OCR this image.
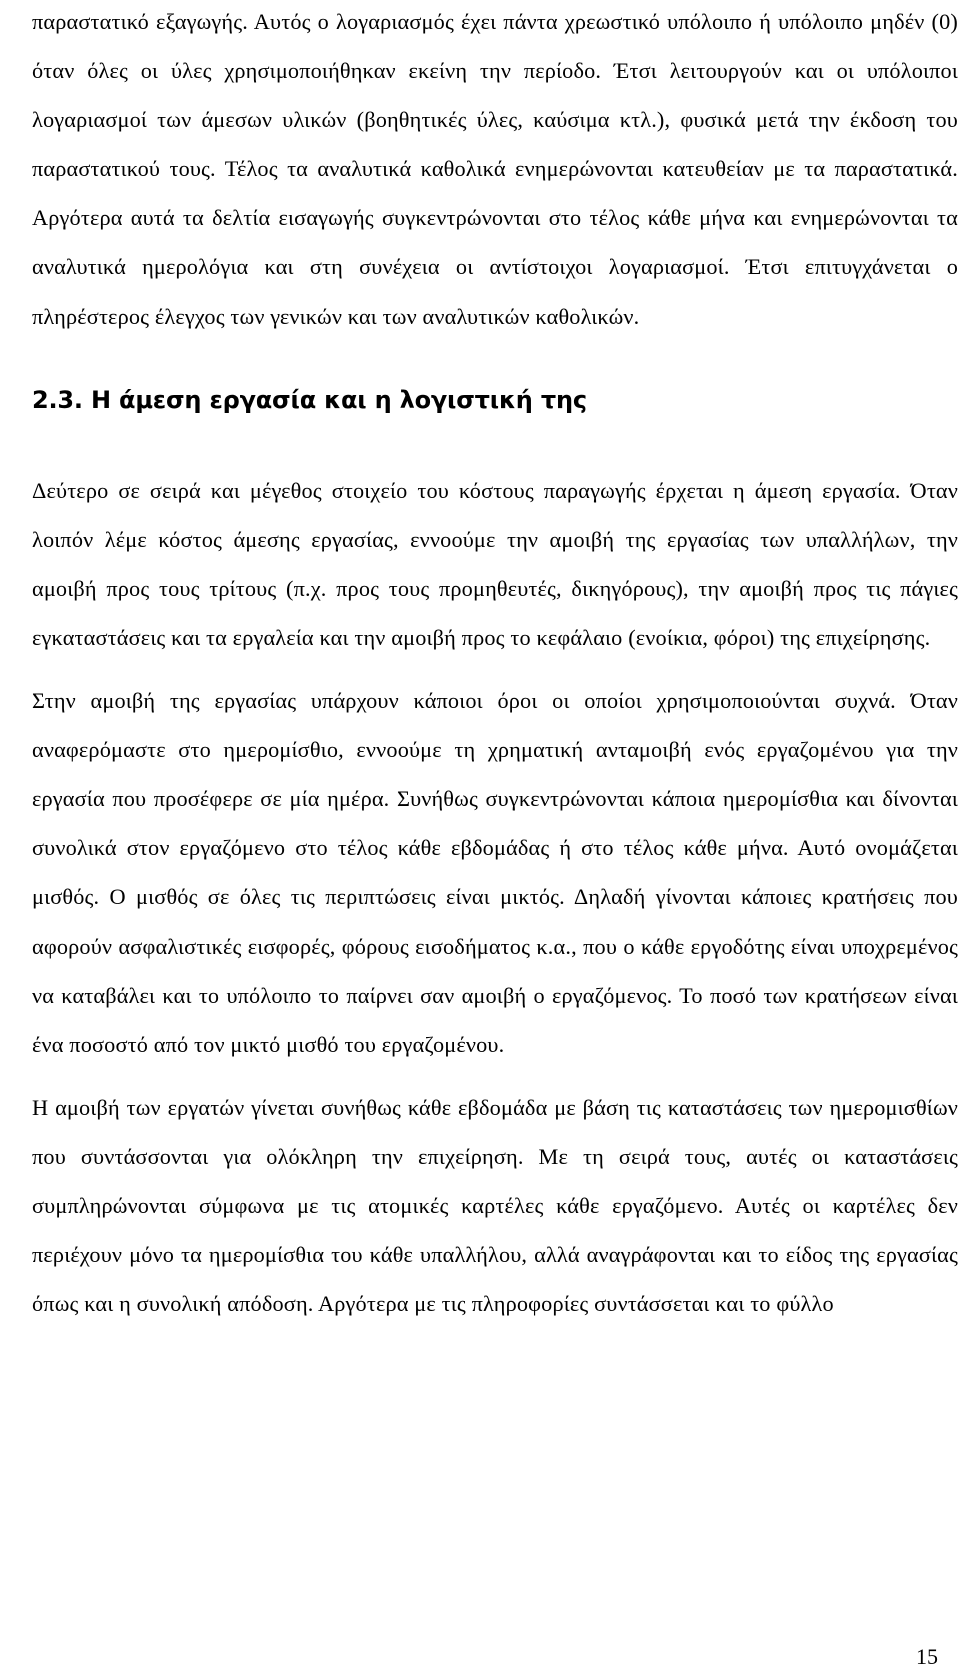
παραστατικό εξαγωγής. Αυτός ο λογαριασμός έχει πάντα χρεωστικό υπόλοιπο ή υπόλοιπο μηδέν (0) όταν όλες οι ύλες χρησιμοποιήθηκαν εκείνη την περίοδο. Έτσι λειτουργούν και οι υπόλοιποι λογαριασμοί των άμεσων υλικών (βοηθητικές ύλες, καύσιμα κτλ.), φυσικά μετά την έκδοση του παραστατικού τους. Τέλος τα αναλυτικά καθολικά ενημερώνονται κατευθείαν με τα παραστατικά. Αργότερα αυτά τα δελτία εισαγωγής συγκεντρώνονται στο τέλος κάθε μήνα και ενημερώνονται τα αναλυτικά ημερολόγια και στη συνέχεια οι αντίστοιχοι λογαριασμοί. Έτσι επιτυγχάνεται ο πληρέστερος έλεγχος των γενικών και των αναλυτικών καθολικών.

2.3. Η άμεση εργασία και η λογιστική της

Δεύτερο σε σειρά και μέγεθος στοιχείο του κόστους παραγωγής έρχεται η άμεση εργασία. Όταν λοιπόν λέμε κόστος άμεσης εργασίας, εννοούμε την αμοιβή της εργασίας των υπαλλήλων, την αμοιβή προς τους τρίτους (π.χ. προς τους προμηθευτές, δικηγόρους), την αμοιβή προς τις πάγιες εγκαταστάσεις και τα εργαλεία και την αμοιβή προς το κεφάλαιο (ενοίκια, φόροι) της επιχείρησης.

Στην αμοιβή της εργασίας υπάρχουν κάποιοι όροι οι οποίοι χρησιμοποιούνται συχνά. Όταν αναφερόμαστε στο ημερομίσθιο, εννοούμε τη χρηματική ανταμοιβή ενός εργαζομένου για την εργασία που προσέφερε σε μία ημέρα. Συνήθως συγκεντρώνονται κάποια ημερομίσθια και δίνονται συνολικά στον εργαζόμενο στο τέλος κάθε εβδομάδας ή στο τέλος κάθε μήνα. Αυτό ονομάζεται μισθός. Ο μισθός σε όλες τις περιπτώσεις είναι μικτός. Δηλαδή γίνονται κάποιες κρατήσεις που αφορούν ασφαλιστικές εισφορές, φόρους εισοδήματος κ.α., που ο κάθε εργοδότης είναι υποχρεμένος να καταβάλει και το υπόλοιπο το παίρνει σαν αμοιβή ο εργαζόμενος. Το ποσό των κρατήσεων είναι ένα ποσοστό από τον μικτό μισθό του εργαζομένου.

Η αμοιβή των εργατών γίνεται συνήθως κάθε εβδομάδα με βάση τις καταστάσεις των ημερομισθίων που συντάσσονται για ολόκληρη την επιχείρηση. Με τη σειρά τους, αυτές οι καταστάσεις συμπληρώνονται σύμφωνα με τις ατομικές καρτέλες κάθε εργαζόμενο. Αυτές οι καρτέλες δεν περιέχουν μόνο τα ημερομίσθια του κάθε υπαλλήλου, αλλά αναγράφονται και το είδος της εργασίας όπως και η συνολική απόδοση. Αργότερα με τις πληροφορίες συντάσσεται και το φύλλο

15
